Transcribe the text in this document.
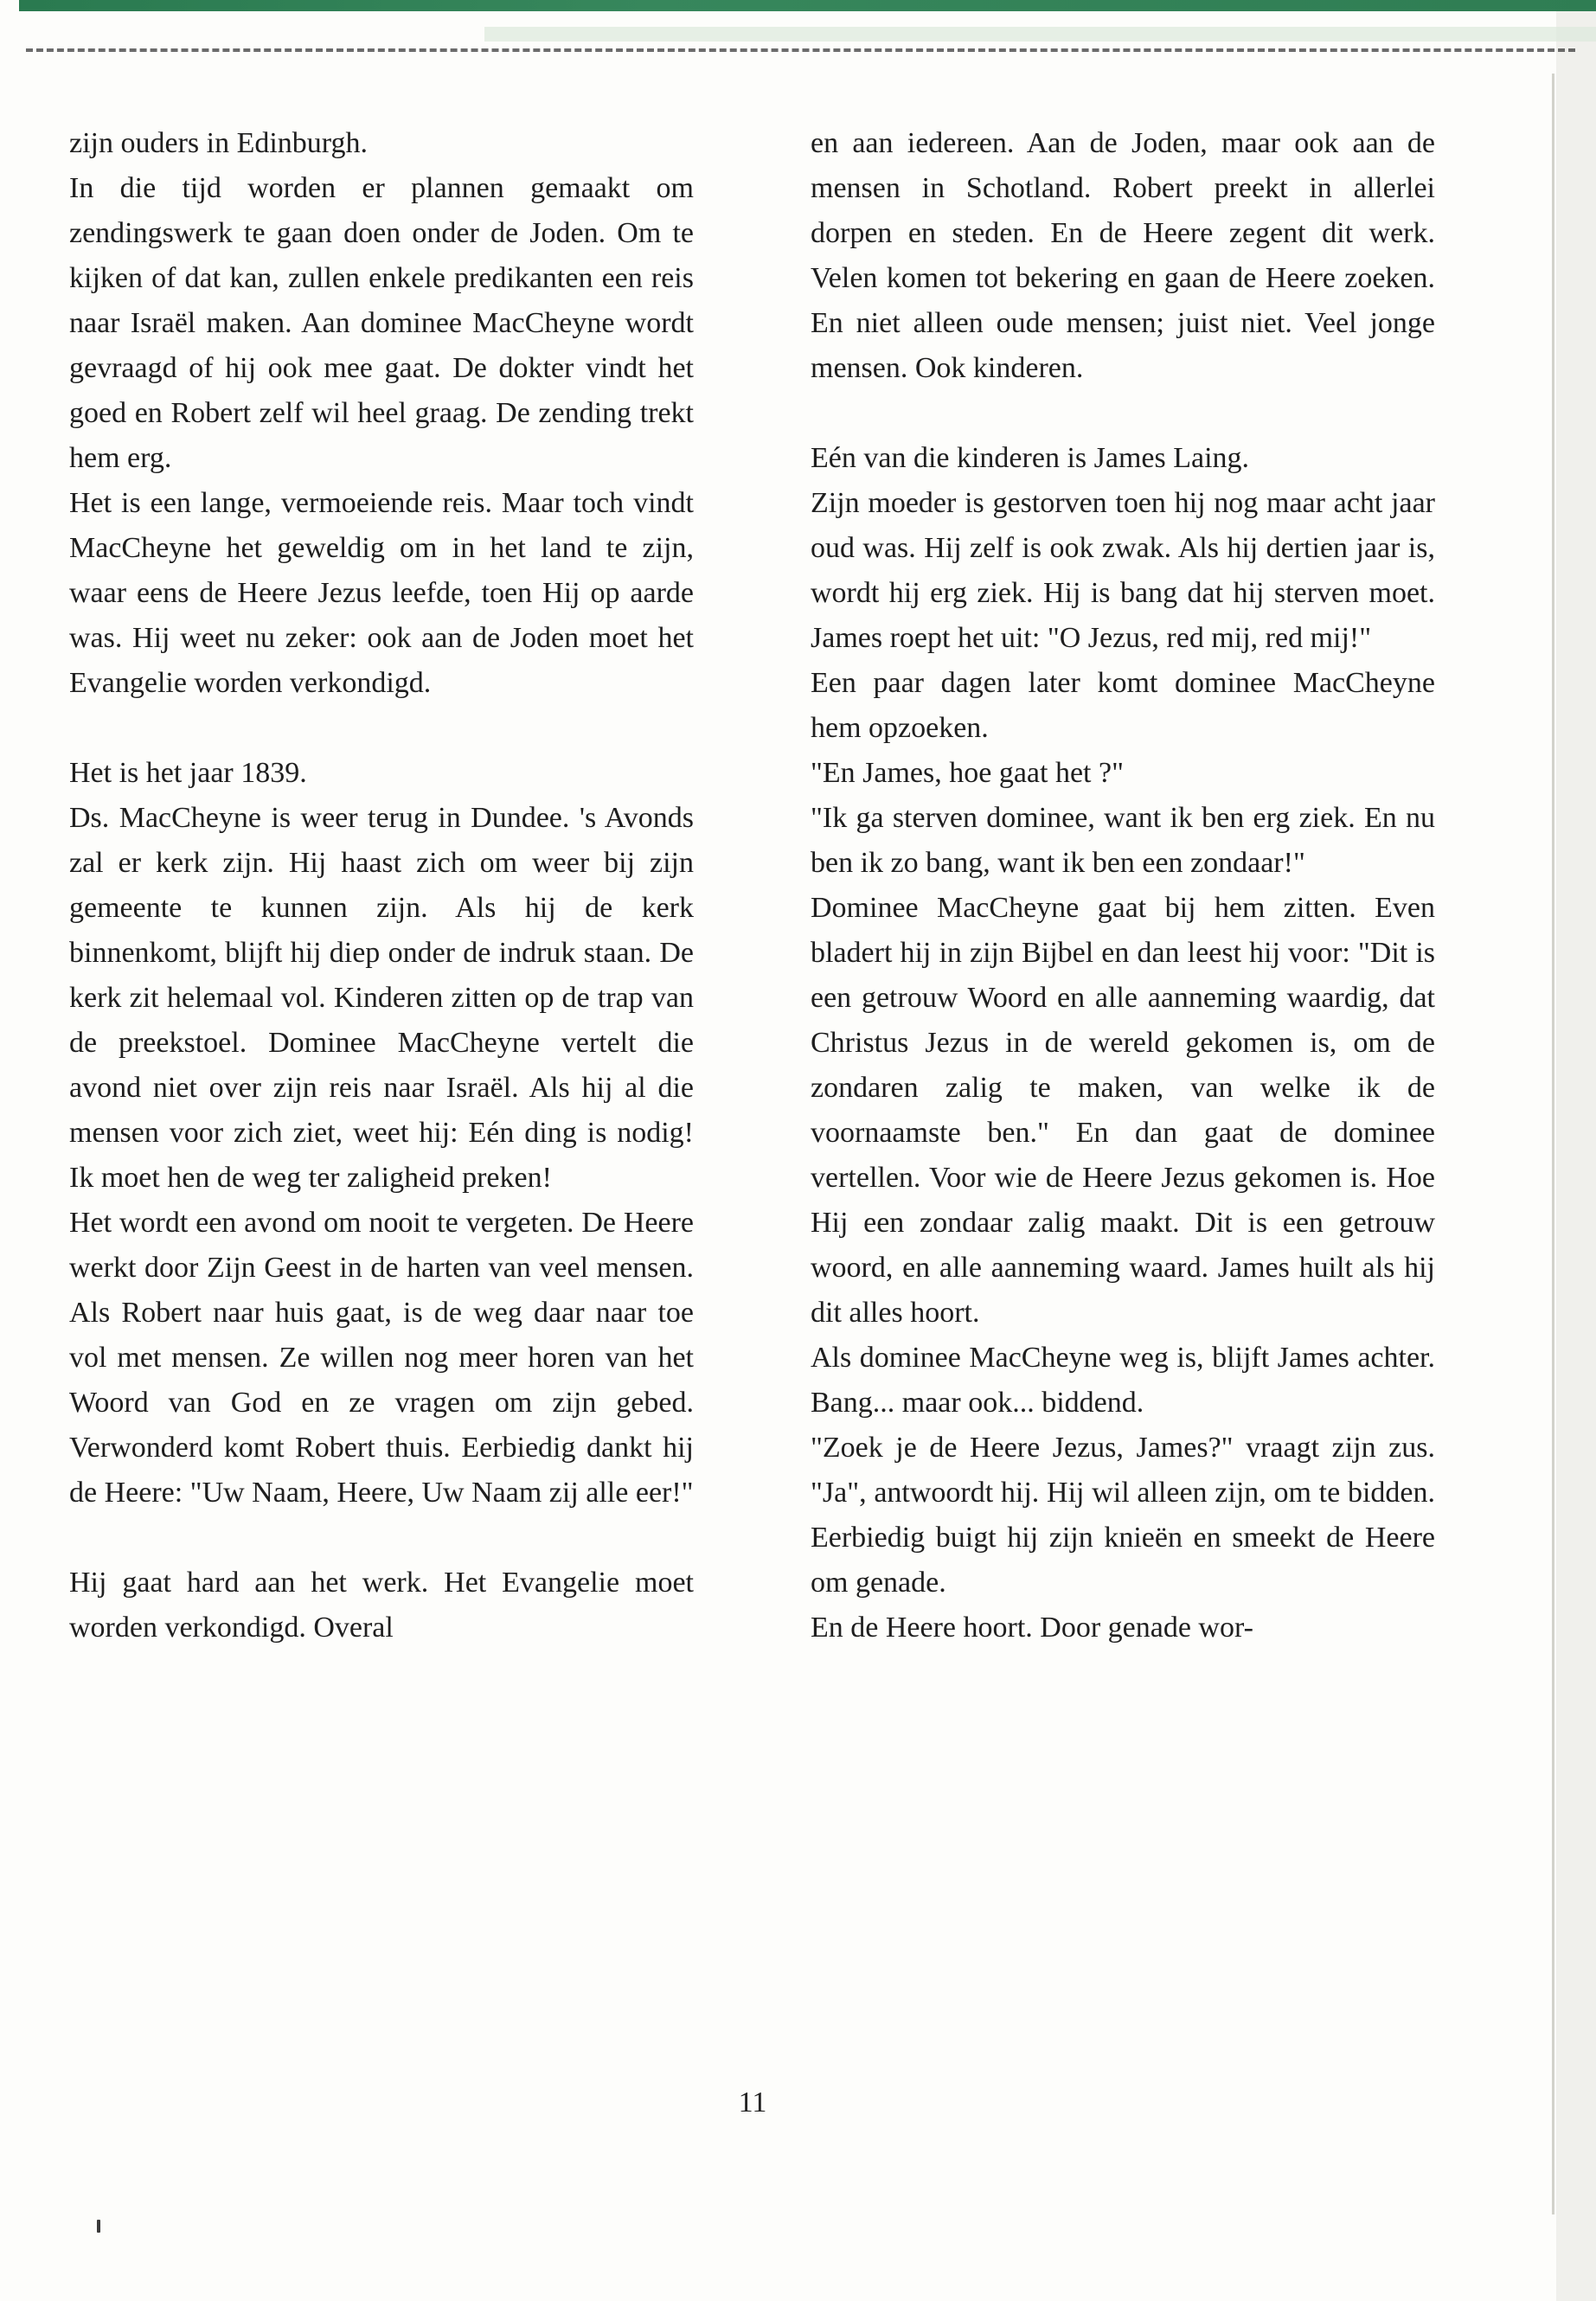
zijn ouders in Edinburgh.

In die tijd worden er plannen gemaakt om zendingswerk te gaan doen onder de Joden. Om te kijken of dat kan, zullen enkele predikanten een reis naar Israël maken. Aan dominee MacCheyne wordt gevraagd of hij ook mee gaat. De dokter vindt het goed en Robert zelf wil heel graag. De zending trekt hem erg.

Het is een lange, vermoeiende reis. Maar toch vindt MacCheyne het geweldig om in het land te zijn, waar eens de Heere Jezus leefde, toen Hij op aarde was. Hij weet nu zeker: ook aan de Joden moet het Evangelie worden verkondigd.

Het is het jaar 1839.

Ds. MacCheyne is weer terug in Dundee. 's Avonds zal er kerk zijn. Hij haast zich om weer bij zijn gemeente te kunnen zijn. Als hij de kerk binnenkomt, blijft hij diep onder de indruk staan. De kerk zit helemaal vol. Kinderen zitten op de trap van de preekstoel. Dominee MacCheyne vertelt die avond niet over zijn reis naar Israël. Als hij al die mensen voor zich ziet, weet hij: Eén ding is nodig! Ik moet hen de weg ter zaligheid preken!

Het wordt een avond om nooit te vergeten. De Heere werkt door Zijn Geest in de harten van veel mensen. Als Robert naar huis gaat, is de weg daar naar toe vol met mensen. Ze willen nog meer horen van het Woord van God en ze vragen om zijn gebed. Verwonderd komt Robert thuis. Eerbiedig dankt hij de Heere: "Uw Naam, Heere, Uw Naam zij alle eer!"

Hij gaat hard aan het werk. Het Evangelie moet worden verkondigd. Overal

en aan iedereen. Aan de Joden, maar ook aan de mensen in Schotland. Robert preekt in allerlei dorpen en steden. En de Heere zegent dit werk. Velen komen tot bekering en gaan de Heere zoeken. En niet alleen oude mensen; juist niet. Veel jonge mensen. Ook kinderen.

Eén van die kinderen is James Laing.

Zijn moeder is gestorven toen hij nog maar acht jaar oud was. Hij zelf is ook zwak. Als hij dertien jaar is, wordt hij erg ziek. Hij is bang dat hij sterven moet. James roept het uit: "O Jezus, red mij, red mij!"

Een paar dagen later komt dominee MacCheyne hem opzoeken.

"En James, hoe gaat het ?"

"Ik ga sterven dominee, want ik ben erg ziek. En nu ben ik zo bang, want ik ben een zondaar!"

Dominee MacCheyne gaat bij hem zitten. Even bladert hij in zijn Bijbel en dan leest hij voor: "Dit is een getrouw Woord en alle aanneming waardig, dat Christus Jezus in de wereld gekomen is, om de zondaren zalig te maken, van welke ik de voornaamste ben." En dan gaat de dominee vertellen. Voor wie de Heere Jezus gekomen is. Hoe Hij een zondaar zalig maakt. Dit is een getrouw woord, en alle aanneming waard. James huilt als hij dit alles hoort.

Als dominee MacCheyne weg is, blijft James achter. Bang... maar ook... biddend.

"Zoek je de Heere Jezus, James?" vraagt zijn zus. "Ja", antwoordt hij. Hij wil alleen zijn, om te bidden. Eerbiedig buigt hij zijn knieën en smeekt de Heere om genade.

En de Heere hoort. Door genade wor-

11
